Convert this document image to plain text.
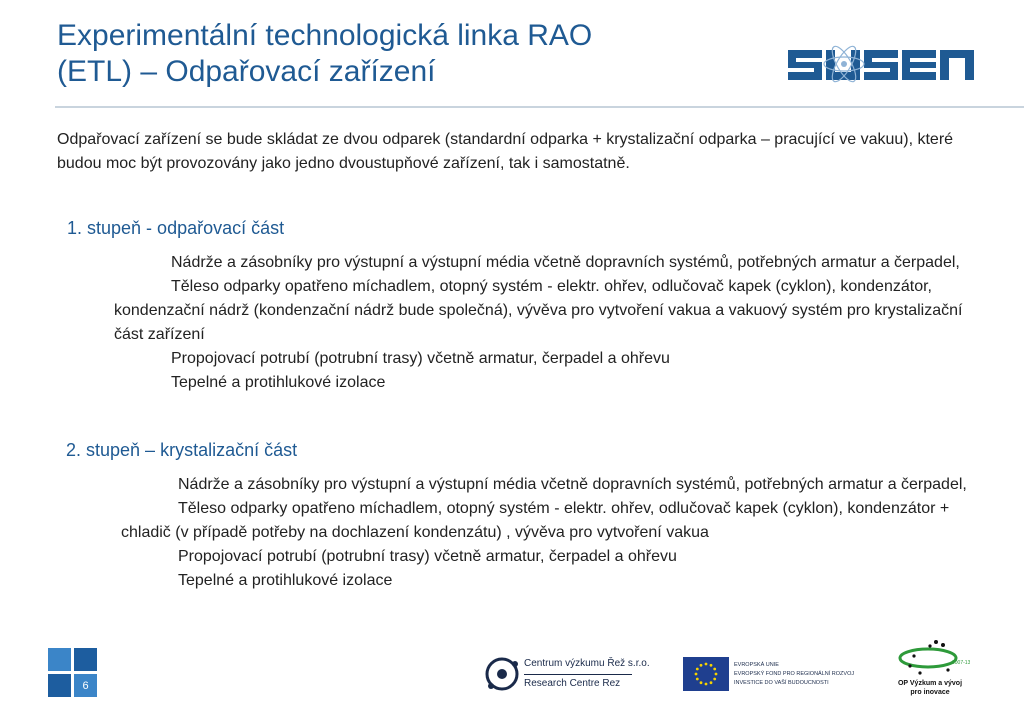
Experimentální technologická linka RAO
(ETL) – Odpařovací zařízení
Odpařovací zařízení se bude skládat ze dvou odparek (standardní odparka + krystalizační odparka – pracující ve vakuu), které budou moc být provozovány jako jedno dvoustupňové zařízení, tak i samostatně.
1. stupeň - odpařovací část
Nádrže a zásobníky pro výstupní a výstupní média včetně dopravních systémů, potřebných armatur a čerpadel,
Těleso odparky opatřeno míchadlem, otopný systém - elektr. ohřev, odlučovač kapek (cyklon), kondenzátor, kondenzační nádrž (kondenzační nádrž bude společná), vývěva pro vytvoření vakua a vakuový systém pro krystalizační část zařízení
Propojovací potrubí (potrubní trasy) včetně armatur, čerpadel a ohřevu
Tepelné a protihlukové izolace
2. stupeň – krystalizační část
Nádrže a zásobníky pro výstupní a výstupní média včetně dopravních systémů, potřebných armatur a čerpadel,
Těleso odparky opatřeno míchadlem, otopný systém - elektr. ohřev, odlučovač kapek (cyklon), kondenzátor + chladič (v případě potřeby na dochlazení kondenzátu) , vývěva pro vytvoření vakua
Propojovací potrubí (potrubní trasy) včetně armatur, čerpadel a ohřevu
Tepelné a protihlukové izolace
6
Centrum výzkumu Řež s.r.o.
Research Centre Rez
EVROPSKÁ UNIE
EVROPSKÝ FOND PRO REGIONÁLNÍ ROZVOJ
INVESTICE DO VAŠÍ BUDOUCNOSTI
2007-13
OP Výzkum a vývoj
pro inovace
